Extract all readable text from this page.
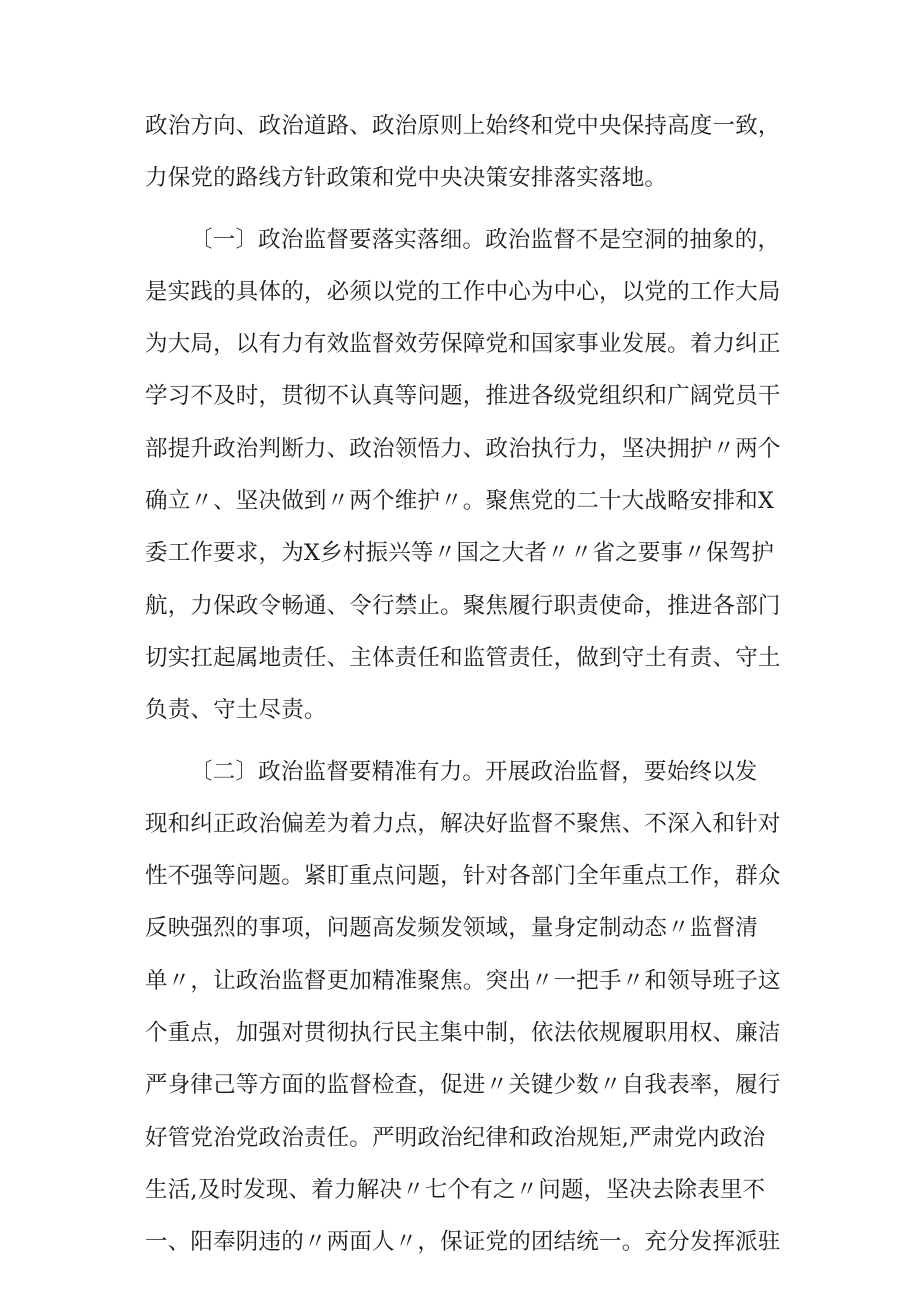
政治方向、政治道路、政治原则上始终和党中央保持高度一致，
力保党的路线方针政策和党中央决策安排落实落地。
〔一〕政治监督要落实落细。政治监督不是空洞的抽象的，
是实践的具体的，必须以党的工作中心为中心，以党的工作大局
为大局，以有力有效监督效劳保障党和国家事业发展。着力纠正
学习不及时，贯彻不认真等问题，推进各级党组织和广阔党员干
部提升政治判断力、政治领悟力、政治执行力，坚决拥护〃两个
确立〃、坚决做到〃两个维护〃。聚焦党的二十大战略安排和X
委工作要求，为X乡村振兴等〃国之大者〃〃省之要事〃保驾护
航，力保政令畅通、令行禁止。聚焦履行职责使命，推进各部门
切实扛起属地责任、主体责任和监管责任，做到守土有责、守土
负责、守土尽责。
〔二〕政治监督要精准有力。开展政治监督，要始终以发
现和纠正政治偏差为着力点，解决好监督不聚焦、不深入和针对
性不强等问题。紧盯重点问题，针对各部门全年重点工作，群众
反映强烈的事项，问题高发频发领域，量身定制动态〃监督清
单〃，让政治监督更加精准聚焦。突出〃一把手〃和领导班子这
个重点，加强对贯彻执行民主集中制，依法依规履职用权、廉洁
严身律己等方面的监督检查，促进〃关键少数〃自我表率，履行
好管党治党政治责任。严明政治纪律和政治规矩,严肃党内政治
生活,及时发现、着力解决〃七个有之〃问题，坚决去除表里不
一、阳奉阴违的〃两面人〃，保证党的团结统一。充分发挥派驻
